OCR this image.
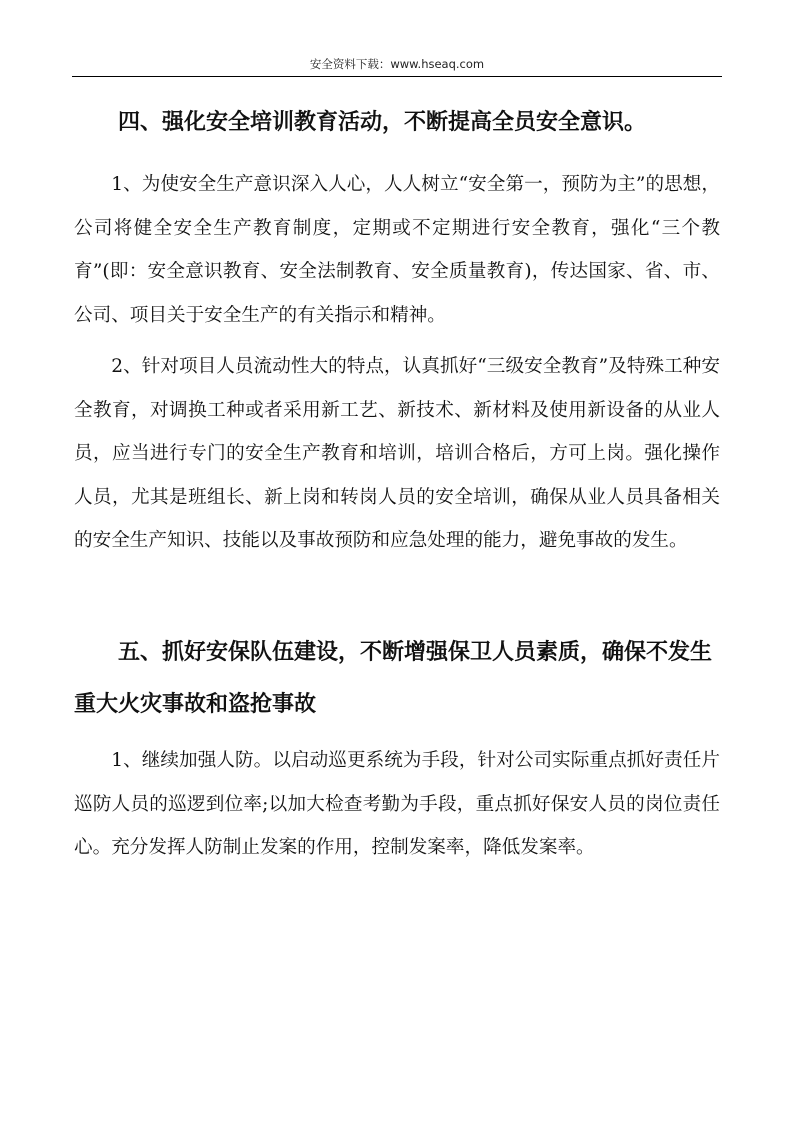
安全资料下载：www.hseaq.com
四、强化安全培训教育活动，不断提高全员安全意识。

1、为使安全生产意识深入人心，人人树立“安全第一，预防为主”的思想，公司将健全安全生产教育制度，定期或不定期进行安全教育，强化“三个教育”(即：安全意识教育、安全法制教育、安全质量教育)，传达国家、省、市、公司、项目关于安全生产的有关指示和精神。

2、针对项目人员流动性大的特点，认真抓好“三级安全教育”及特殊工种安全教育，对调换工种或者采用新工艺、新技术、新材料及使用新设备的从业人员，应当进行专门的安全生产教育和培训，培训合格后，方可上岗。强化操作人员，尤其是班组长、新上岗和转岗人员的安全培训，确保从业人员具备相关的安全生产知识、技能以及事故预防和应急处理的能力，避免事故的发生。

五、抓好安保队伍建设，不断增强保卫人员素质，确保不发生重大火灾事故和盗抢事故

1、继续加强人防。以启动巡更系统为手段，针对公司实际重点抓好责任片巡防人员的巡逻到位率;以加大检查考勤为手段，重点抓好保安人员的岗位责任心。充分发挥人防制止发案的作用，控制发案率，降低发案率。
